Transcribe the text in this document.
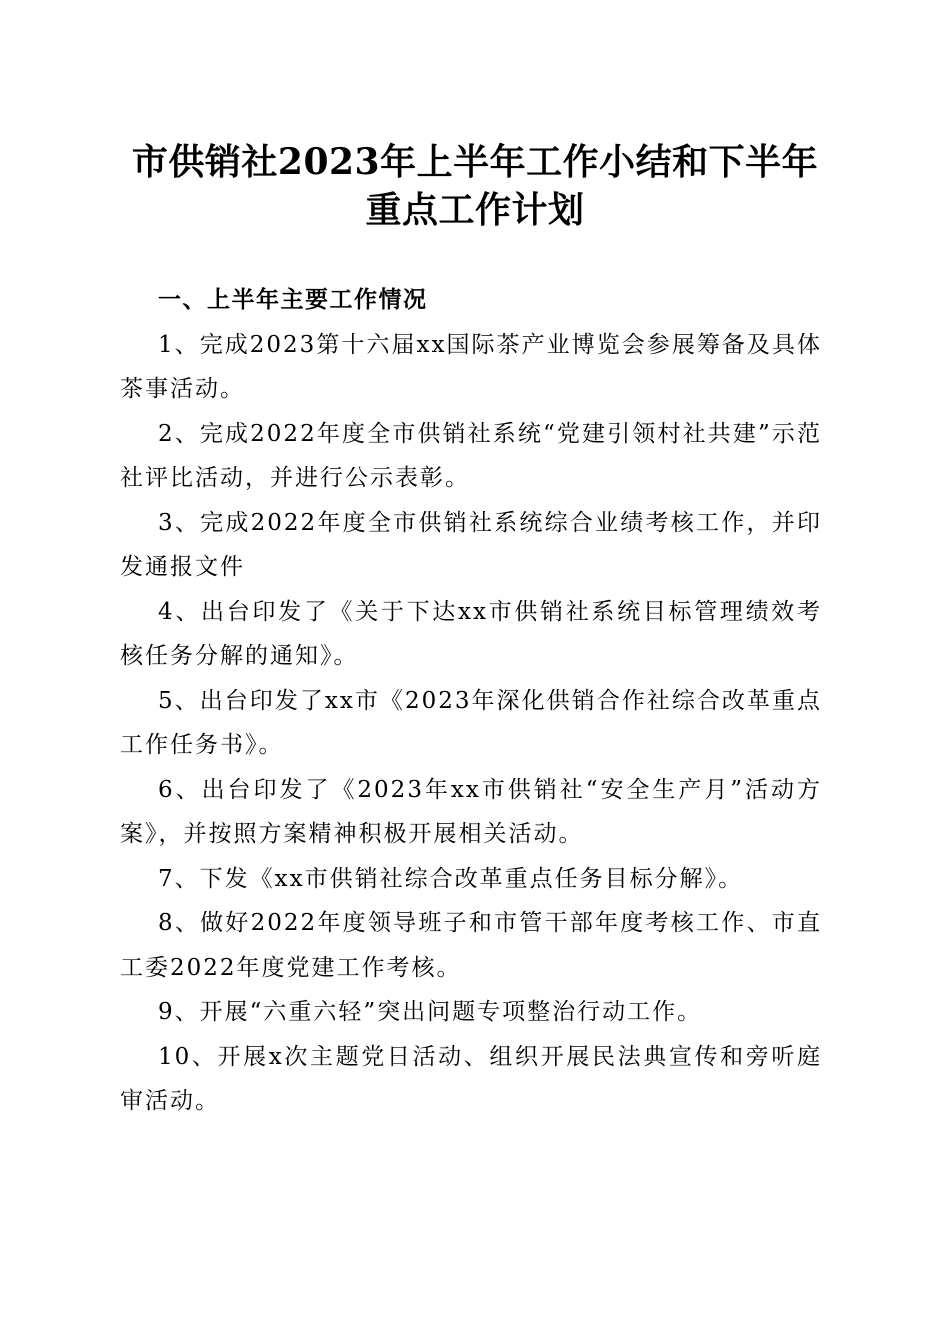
市供销社2023年上半年工作小结和下半年重点工作计划

一、上半年主要工作情况

1、完成2023第十六届xx国际茶产业博览会参展筹备及具体茶事活动。

2、完成2022年度全市供销社系统“党建引领村社共建”示范社评比活动，并进行公示表彰。

3、完成2022年度全市供销社系统综合业绩考核工作，并印发通报文件

4、出台印发了《关于下达xx市供销社系统目标管理绩效考核任务分解的通知》。

5、出台印发了xx市《2023年深化供销合作社综合改革重点工作任务书》。

6、出台印发了《2023年xx市供销社“安全生产月”活动方案》，并按照方案精神积极开展相关活动。

7、下发《xx市供销社综合改革重点任务目标分解》。

8、做好2022年度领导班子和市管干部年度考核工作、市直工委2022年度党建工作考核。

9、开展“六重六轻”突出问题专项整治行动工作。

10、开展x次主题党日活动、组织开展民法典宣传和旁听庭审活动。
